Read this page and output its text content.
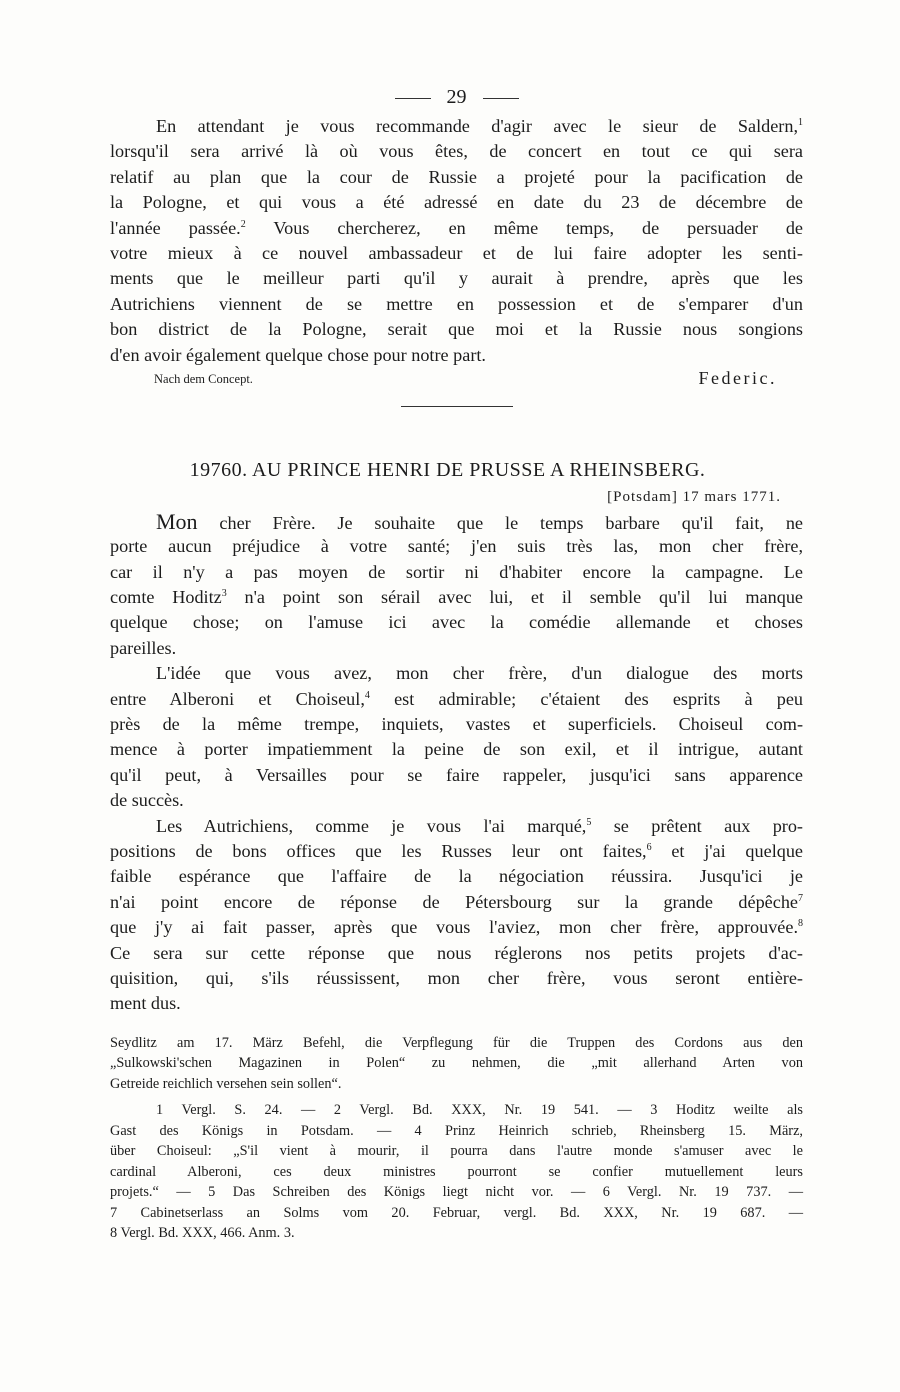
29
En attendant je vous recommande d'agir avec le sieur de Saldern,$^1$
lorsqu'il sera arrivé là où vous êtes, de concert en tout ce qui sera
relatif au plan que la cour de Russie a projeté pour la pacification de
la Pologne, et qui vous a été adressé en date du 23 de décembre de
l'année passée.$^2$ Vous chercherez, en même temps, de persuader de
votre mieux à ce nouvel ambassadeur et de lui faire adopter les senti-
ments que le meilleur parti qu'il y aurait à prendre, après que les
Autrichiens viennent de se mettre en possession et de s'emparer d'un
bon district de la Pologne, serait que moi et la Russie nous songions
d'en avoir également quelque chose pour notre part.
Nach dem Concept.	Federic.
19760. AU PRINCE HENRI DE PRUSSE A RHEINSBERG.
[Potsdam] 17 mars 1771.
Mon cher Frère. Je souhaite que le temps barbare qu'il fait, ne
porte aucun préjudice à votre santé; j'en suis très las, mon cher frère,
car il n'y a pas moyen de sortir ni d'habiter encore la campagne. Le
comte Hoditz$^3$ n'a point son sérail avec lui, et il semble qu'il lui manque
quelque chose; on l'amuse ici avec la comédie allemande et choses
pareilles.
L'idée que vous avez, mon cher frère, d'un dialogue des morts
entre Alberoni et Choiseul,$^4$ est admirable; c'étaient des esprits à peu
près de la même trempe, inquiets, vastes et superficiels. Choiseul com-
mence à porter impatiemment la peine de son exil, et il intrigue, autant
qu'il peut, à Versailles pour se faire rappeler, jusqu'ici sans apparence
de succès.
Les Autrichiens, comme je vous l'ai marqué,$^5$ se prêtent aux pro-
positions de bons offices que les Russes leur ont faites,$^6$ et j'ai quelque
faible espérance que l'affaire de la négociation réussira. Jusqu'ici je
n'ai point encore de réponse de Pétersbourg sur la grande dépêche$^7$
que j'y ai fait passer, après que vous l'aviez, mon cher frère, approuvée.$^8$
Ce sera sur cette réponse que nous réglerons nos petits projets d'ac-
quisition, qui, s'ils réussissent, mon cher frère, vous seront entière-
ment dus.
Seydlitz am 17. März Befehl, die Verpflegung für die Truppen des Cordons aus den
„Sulkowski'schen Magazinen in Polen“ zu nehmen, die „mit allerhand Arten von
Getreide reichlich versehen sein sollen“.
1 Vergl. S. 24. — 2 Vergl. Bd. XXX, Nr. 19 541. — 3 Hoditz weilte als
Gast des Königs in Potsdam. — 4 Prinz Heinrich schrieb, Rheinsberg 15. März,
über Choiseul: „S'il vient à mourir, il pourra dans l'autre monde s'amuser avec le
cardinal Alberoni, ces deux ministres pourront se confier mutuellement leurs
projets.“ — 5 Das Schreiben des Königs liegt nicht vor. — 6 Vergl. Nr. 19 737. —
7 Cabinetserlass an Solms vom 20. Februar, vergl. Bd. XXX, Nr. 19 687. —
8 Vergl. Bd. XXX, 466. Anm. 3.
